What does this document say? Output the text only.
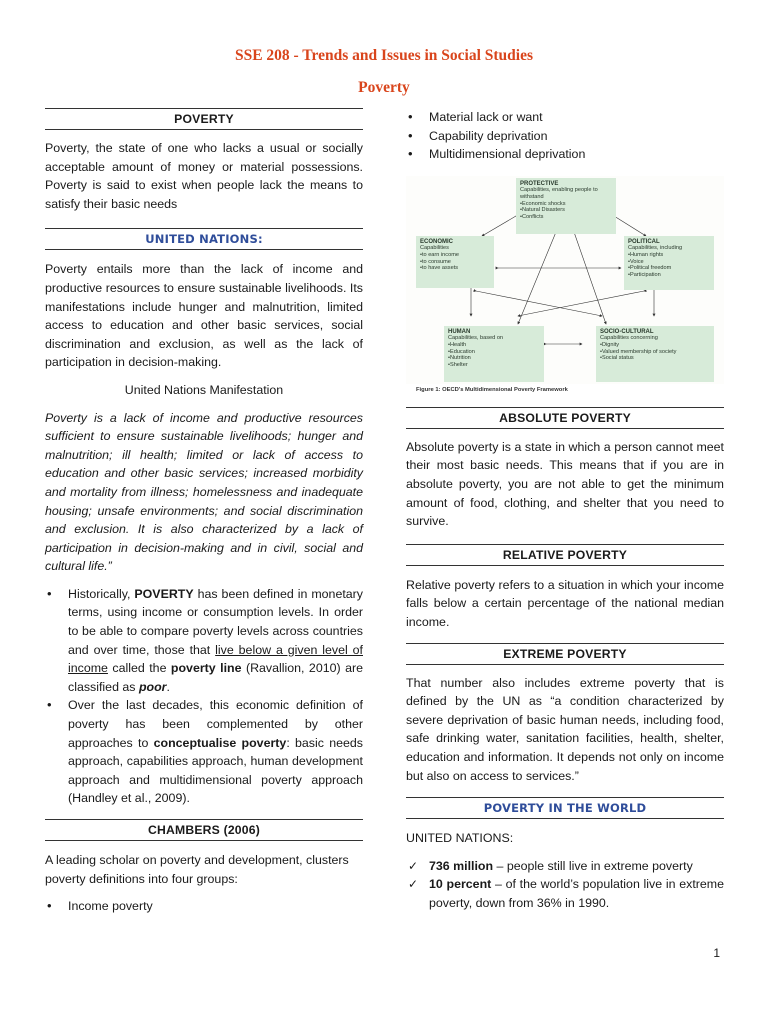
SSE 208 - Trends and Issues in Social Studies
Poverty
POVERTY

Poverty, the state of one who lacks a usual or socially acceptable amount of money or material possessions. Poverty is said to exist when people lack the means to satisfy their basic needs

UNITED NATIONS:

Poverty entails more than the lack of income and productive resources to ensure sustainable livelihoods. Its manifestations include hunger and malnutrition, limited access to education and other basic services, social discrimination and exclusion, as well as the lack of participation in decision-making.

United Nations Manifestation

Poverty is a lack of income and productive resources sufficient to ensure sustainable livelihoods; hunger and malnutrition; ill health; limited or lack of access to education and other basic services; increased morbidity and mortality from illness; homelessness and inadequate housing; unsafe environments; and social discrimination and exclusion. It is also characterized by a lack of participation in decision-making and in civil, social and cultural life.”

• Historically, POVERTY has been defined in monetary terms, using income or consumption levels. In order to be able to compare poverty levels across countries and over time, those that live below a given level of income called the poverty line (Ravallion, 2010) are classified as poor.
• Over the last decades, this economic definition of poverty has been complemented by other approaches to conceptualise poverty: basic needs approach, capabilities approach, human development approach and multidimensional poverty approach (Handley et al., 2009).
CHAMBERS (2006)

A leading scholar on poverty and development, clusters poverty definitions into four groups:

• Income poverty
• Material lack or want
• Capability deprivation
• Multidimensional deprivation
PROTECTIVE
Capabilities, enabling people to withstand
• Economic shocks
• Natural Disasters
• Conflicts
ECONOMIC
Capabilities
• to earn income
• to consume
• to have assets
POLITICAL
Capabilities, including
• Human rights
• Voice
• Political freedom
• Participation
HUMAN
Capabilities, based on
• Health
• Education
• Nutrition
• Shelter
SOCIO-CULTURAL
Capabilities concerning
• Dignity
• Valued membership of society
• Social status
Figure 1: OECD's Multidimensional Poverty Framework
ABSOLUTE POVERTY

Absolute poverty is a state in which a person cannot meet their most basic needs. This means that if you are in absolute poverty, you are not able to get the minimum amount of food, clothing, and shelter that you need to survive.

RELATIVE POVERTY

Relative poverty refers to a situation in which your income falls below a certain percentage of the national median income.

EXTREME POVERTY

That number also includes extreme poverty that is defined by the UN as “a condition characterized by severe deprivation of basic human needs, including food, safe drinking water, sanitation facilities, health, shelter, education and information. It depends not only on income but also on access to services.”

POVERTY IN THE WORLD

UNITED NATIONS:

✓ 736 million – people still live in extreme poverty
✓ 10 percent – of the world’s population live in extreme poverty, down from 36% in 1990.
1
